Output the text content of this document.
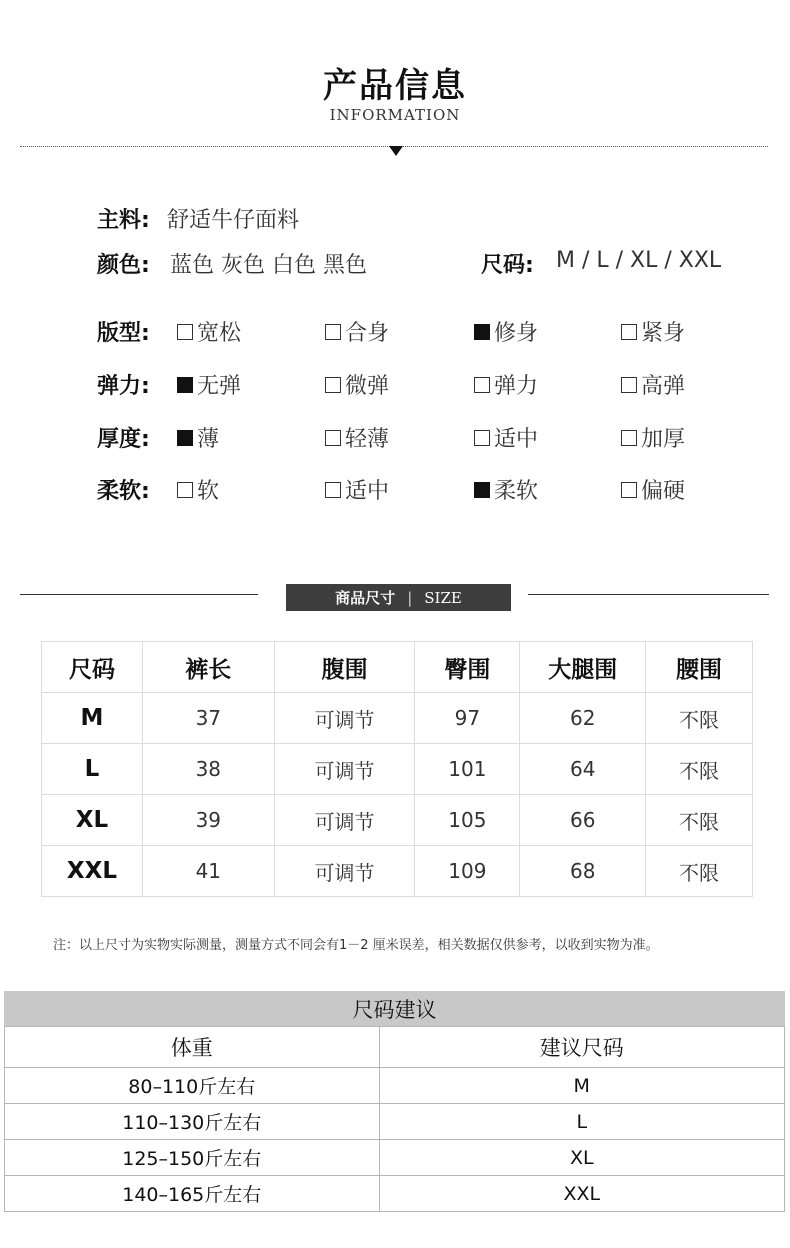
产品信息
INFORMATION
主料: 舒适牛仔面料
颜色: 蓝色 灰色 白色 黑色	尺码: M / L / XL / XXL
版型: 宽松	合身	修身	紧身
弹力: 无弹	微弹	弹力	高弹
厚度: 薄	轻薄	适中	加厚
柔软: 软	适中	柔软	偏硬
商品尺寸 | SIZE
尺码	裤长	腹围	臀围	大腿围	腰围
M	37	可调节	97	62	不限
L	38	可调节	101	64	不限
XL	39	可调节	105	66	不限
XXL	41	可调节	109	68	不限
注：以上尺寸为实物实际测量，测量方式不同会有1－2 厘米误差，相关数据仅供参考，以收到实物为准。
尺码建议
体重	建议尺码
80–110斤左右	M
110–130斤左右	L
125–150斤左右	XL
140–165斤左右	XXL
